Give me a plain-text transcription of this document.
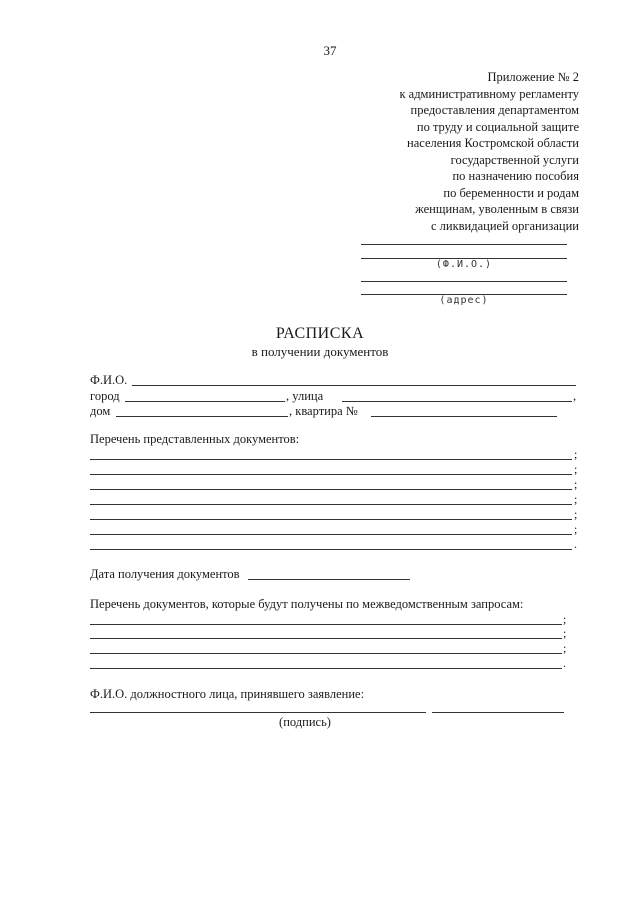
37
Приложение № 2
к административному регламенту
предоставления департаментом
по труду и социальной защите
населения Костромской области
государственной услуги
по назначению пособия
по беременности и родам
женщинам, уволенным в связи
с ликвидацией организации
(Ф.И.О.)
(адрес)
РАСПИСКА
в получении документов
Ф.И.О.
город	, улица	,
дом	, квартира №
Перечень представленных документов:
;
;
;
;
;
;
.
Дата получения документов
Перечень документов, которые будут получены по межведомственным запросам:
;
;
;
.
Ф.И.О. должностного лица, принявшего заявление:
(подпись)
